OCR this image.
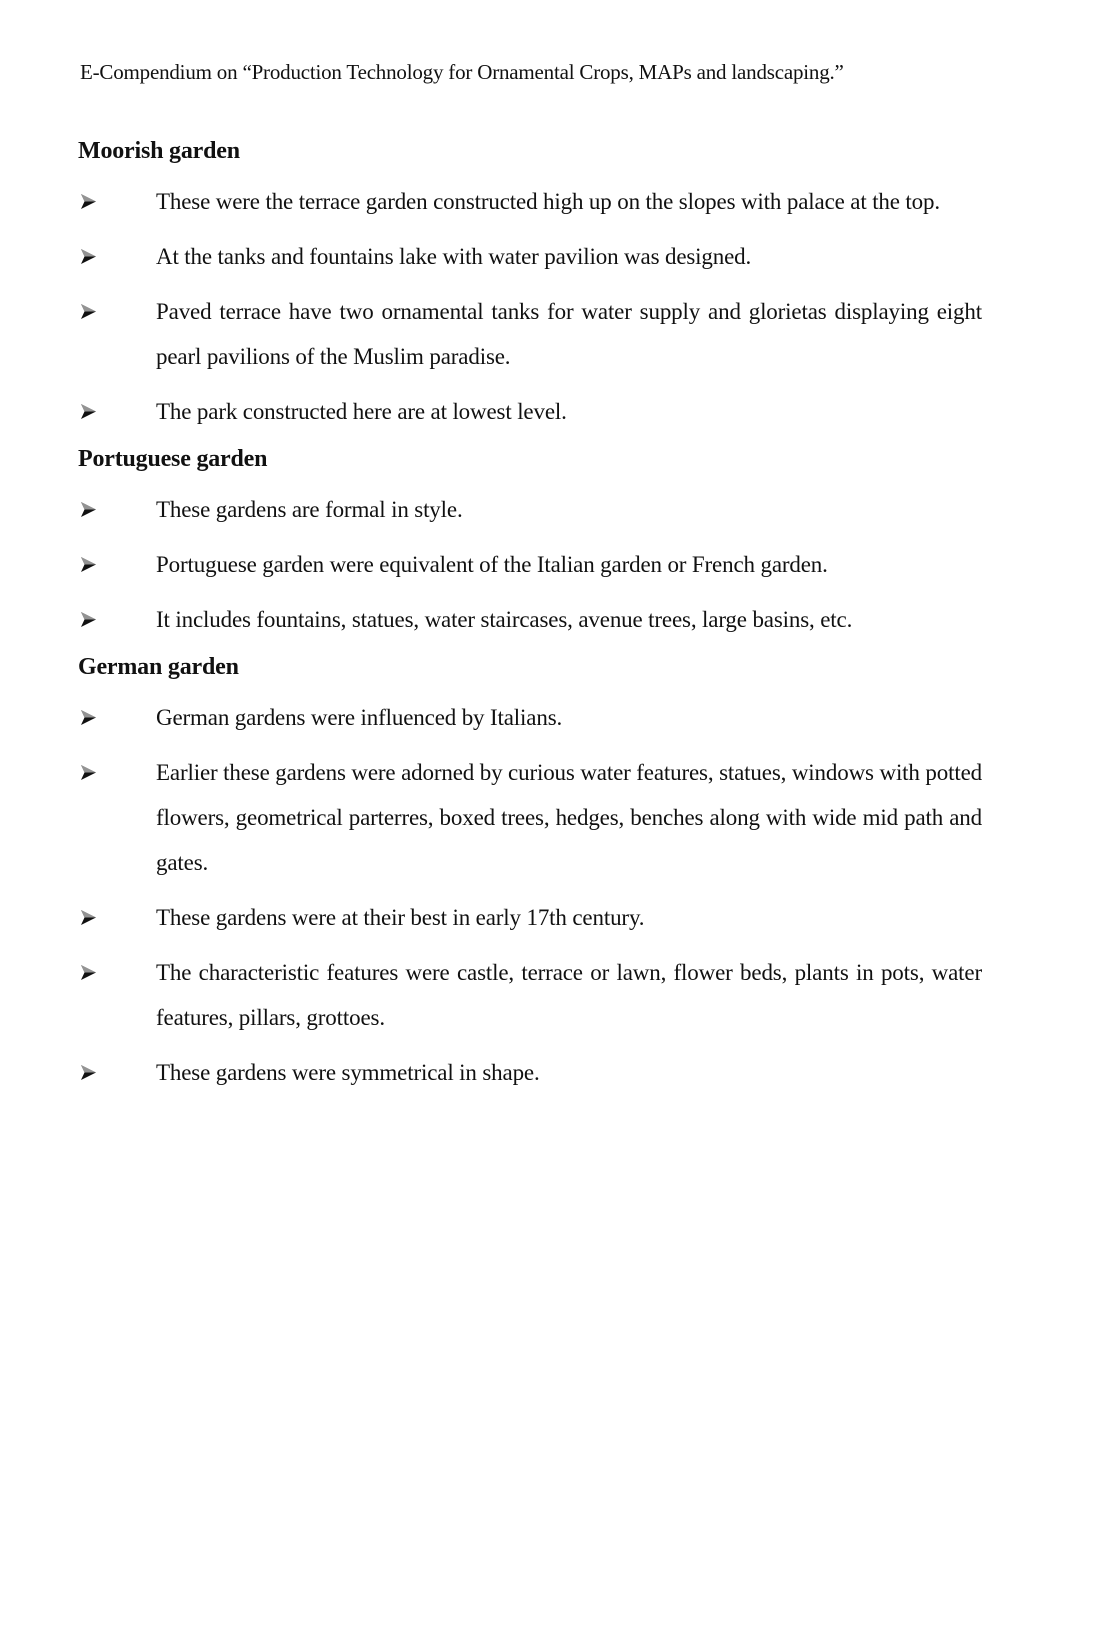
E-Compendium on “Production Technology for Ornamental Crops, MAPs and landscaping.”
Moorish garden
These were the terrace garden constructed high up on the slopes with palace at the top.
At the tanks and fountains lake with water pavilion was designed.
Paved terrace have two ornamental tanks for water supply and glorietas displaying eight pearl pavilions of the Muslim paradise.
The park constructed here are at lowest level.
Portuguese garden
These gardens are formal in style.
Portuguese garden were equivalent of the Italian garden or French garden.
It includes fountains, statues, water staircases, avenue trees, large basins, etc.
German garden
German gardens were influenced by Italians.
Earlier these gardens were adorned by curious water features, statues, windows with potted flowers, geometrical parterres, boxed trees, hedges, benches along with wide mid path and gates.
These gardens were at their best in early 17th century.
The characteristic features were castle, terrace or lawn, flower beds, plants in pots, water features, pillars, grottoes.
These gardens were symmetrical in shape.
